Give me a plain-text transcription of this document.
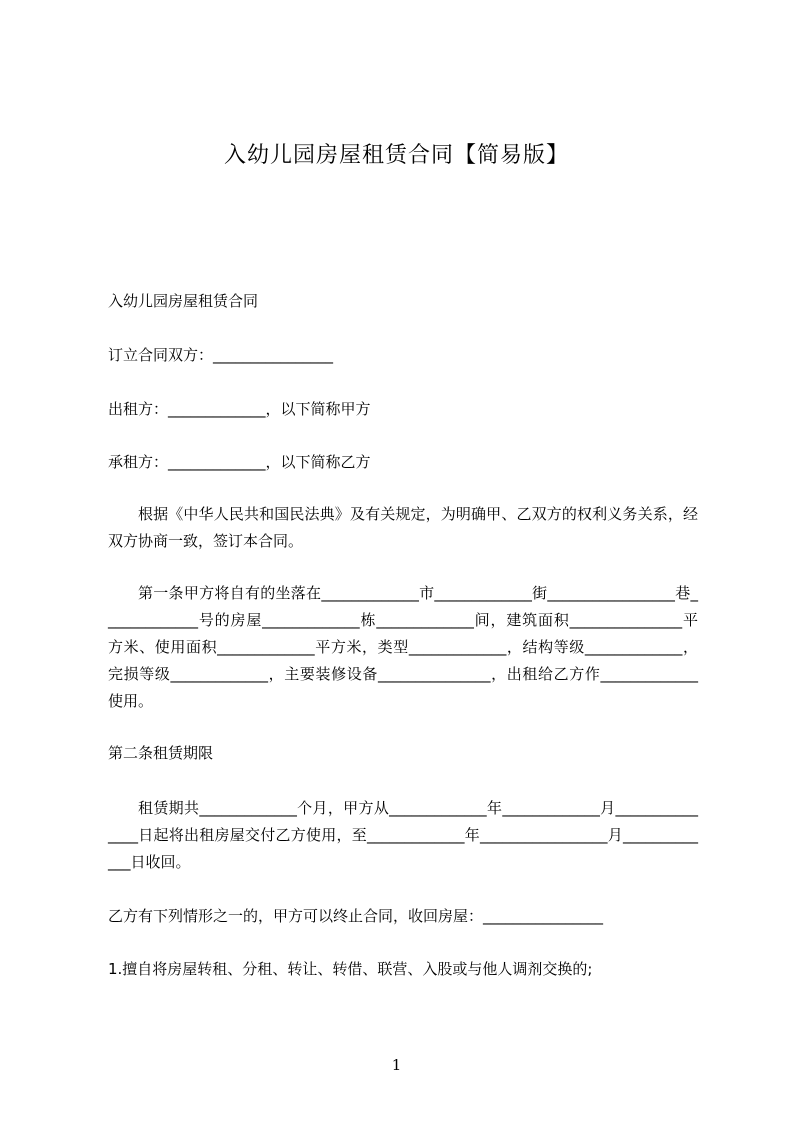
入幼儿园房屋租赁合同【简易版】

入幼儿园房屋租赁合同

订立合同双方：________________

出租方：_____________，以下简称甲方

承租方：_____________，以下简称乙方

根据《中华人民共和国民法典》及有关规定，为明确甲、乙双方的权利义务关系，经双方协商一致，签订本合同。

第一条甲方将自有的坐落在_____________市_____________街_________________巷_____________号的房屋_____________栋_____________间，建筑面积_______________平方米、使用面积_____________平方米，类型_____________，结构等级_____________，完损等级_____________，主要装修设备_______________，出租给乙方作_____________使用。

第二条租赁期限

租赁期共_____________个月，甲方从_____________年_____________月_______________日起将出租房屋交付乙方使用，至_____________年_________________月_____________日收回。

乙方有下列情形之一的，甲方可以终止合同，收回房屋：________________

1.擅自将房屋转租、分租、转让、转借、联营、入股或与他人调剂交换的;

1
